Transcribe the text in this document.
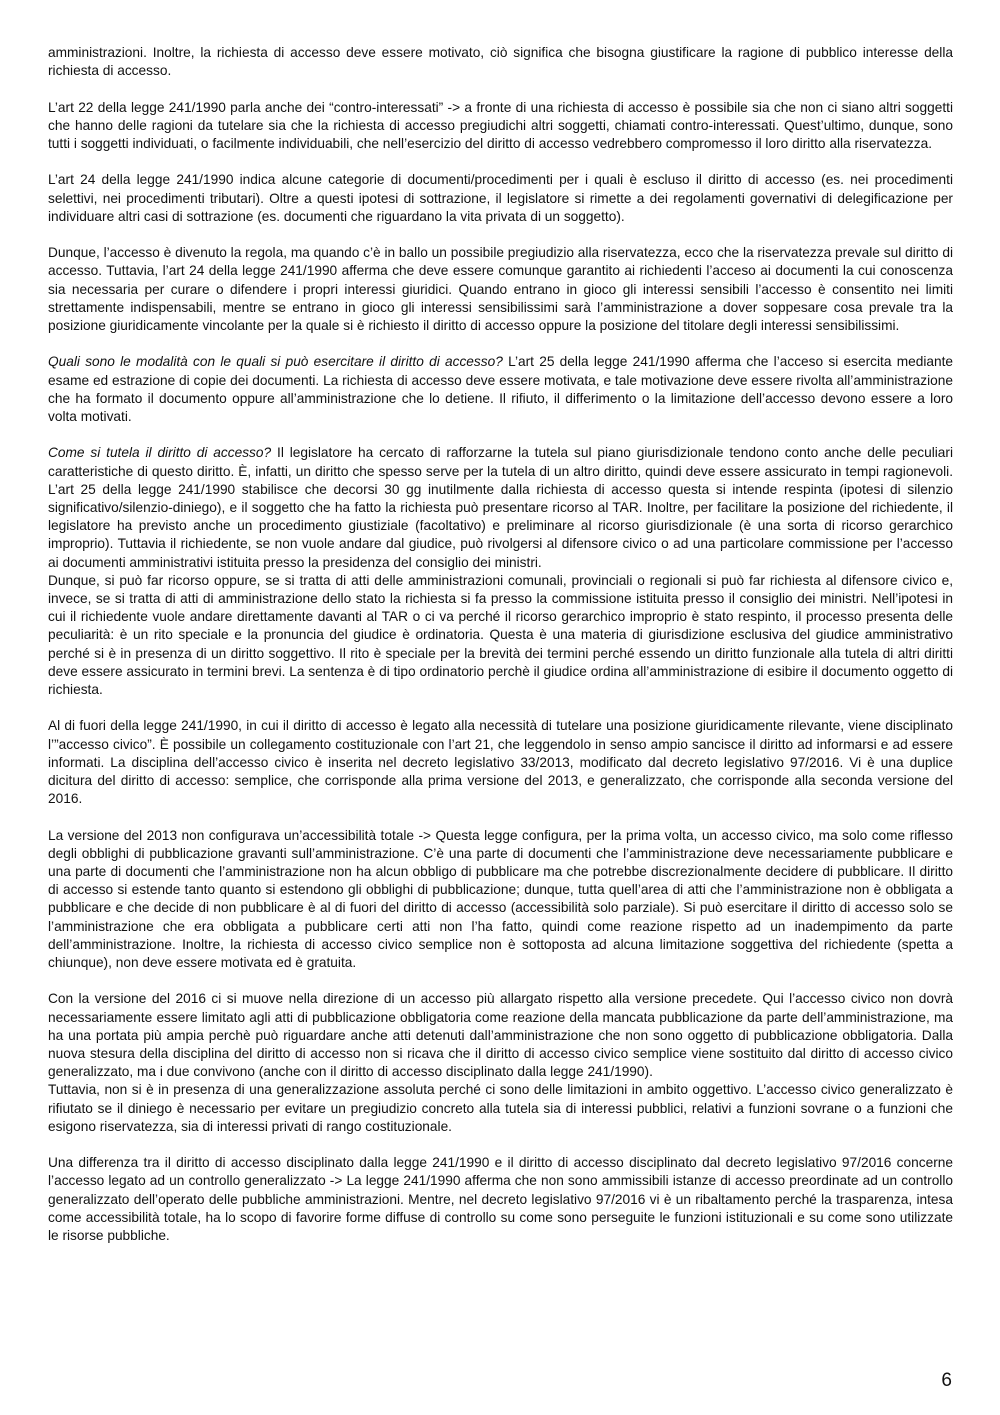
amministrazioni. Inoltre, la richiesta di accesso deve essere motivato, ciò significa che bisogna giustificare la ragione di pubblico interesse della richiesta di accesso.

L’art 22 della legge 241/1990 parla anche dei “contro-interessati” -> a fronte di una richiesta di accesso è possibile sia che non ci siano altri soggetti che hanno delle ragioni da tutelare sia che la richiesta di accesso pregiudichi altri soggetti, chiamati contro-interessati. Quest’ultimo, dunque, sono tutti i soggetti individuati, o facilmente individuabili, che nell’esercizio del diritto di accesso vedrebbero compromesso il loro diritto alla riservatezza.

L’art 24 della legge 241/1990 indica alcune categorie di documenti/procedimenti per i quali è escluso il diritto di accesso (es. nei procedimenti selettivi, nei procedimenti tributari). Oltre a questi ipotesi di sottrazione, il legislatore si rimette a dei regolamenti governativi di delegificazione per individuare altri casi di sottrazione (es. documenti che riguardano la vita privata di un soggetto).

Dunque, l’accesso è divenuto la regola, ma quando c’è in ballo un possibile pregiudizio alla riservatezza, ecco che la riservatezza prevale sul diritto di accesso. Tuttavia, l’art 24 della legge 241/1990 afferma che deve essere comunque garantito ai richiedenti l’acceso ai documenti la cui conoscenza sia necessaria per curare o difendere i propri interessi giuridici. Quando entrano in gioco gli interessi sensibili l’accesso è consentito nei limiti strettamente indispensabili, mentre se entrano in gioco gli interessi sensibilissimi sarà l’amministrazione a dover soppesare cosa prevale tra la posizione giuridicamente vincolante per la quale si è richiesto il diritto di accesso oppure la posizione del titolare degli interessi sensibilissimi.

Quali sono le modalità con le quali si può esercitare il diritto di accesso? L’art 25 della legge 241/1990 afferma che l’acceso si esercita mediante esame ed estrazione di copie dei documenti. La richiesta di accesso deve essere motivata, e tale motivazione deve essere rivolta all’amministrazione che ha formato il documento oppure all’amministrazione che lo detiene. Il rifiuto, il differimento o la limitazione dell’accesso devono essere a loro volta motivati.

Come si tutela il diritto di accesso? Il legislatore ha cercato di rafforzarne la tutela sul piano giurisdizionale tendono conto anche delle peculiari caratteristiche di questo diritto. È, infatti, un diritto che spesso serve per la tutela di un altro diritto, quindi deve essere assicurato in tempi ragionevoli. L’art 25 della legge 241/1990 stabilisce che decorsi 30 gg inutilmente dalla richiesta di accesso questa si intende respinta (ipotesi di silenzio significativo/silenzio-diniego), e il soggetto che ha fatto la richiesta può presentare ricorso al TAR. Inoltre, per facilitare la posizione del richiedente, il legislatore ha previsto anche un procedimento giustiziale (facoltativo) e preliminare al ricorso giurisdizionale (è una sorta di ricorso gerarchico improprio). Tuttavia il richiedente, se non vuole andare dal giudice, può rivolgersi al difensore civico o ad una particolare commissione per l’accesso ai documenti amministrativi istituita presso la presidenza del consiglio dei ministri.

Dunque, si può far ricorso oppure, se si tratta di atti delle amministrazioni comunali, provinciali o regionali si può far richiesta al difensore civico e, invece, se si tratta di atti di amministrazione dello stato la richiesta si fa presso la commissione istituita presso il consiglio dei ministri. Nell’ipotesi in cui il richiedente vuole andare direttamente davanti al TAR o ci va perché il ricorso gerarchico improprio è stato respinto, il processo presenta delle peculiarità: è un rito speciale e la pronuncia del giudice è ordinatoria. Questa è una materia di giurisdizione esclusiva del giudice amministrativo perché si è in presenza di un diritto soggettivo. Il rito è speciale per la brevità dei termini perché essendo un diritto funzionale alla tutela di altri diritti deve essere assicurato in termini brevi. La sentenza è di tipo ordinatorio perchè il giudice ordina all’amministrazione di esibire il documento oggetto di richiesta.

Al di fuori della legge 241/1990, in cui il diritto di accesso è legato alla necessità di tutelare una posizione giuridicamente rilevante, viene disciplinato l’”accesso civico”. È possibile un collegamento costituzionale con l’art 21, che leggendolo in senso ampio sancisce il diritto ad informarsi e ad essere informati. La disciplina dell’accesso civico è inserita nel decreto legislativo 33/2013, modificato dal decreto legislativo 97/2016. Vi è una duplice dicitura del diritto di accesso: semplice, che corrisponde alla prima versione del 2013, e generalizzato, che corrisponde alla seconda versione del 2016.

La versione del 2013 non configurava un’accessibilità totale -> Questa legge configura, per la prima volta, un accesso civico, ma solo come riflesso degli obblighi di pubblicazione gravanti sull’amministrazione. C’è una parte di documenti che l’amministrazione deve necessariamente pubblicare e una parte di documenti che l’amministrazione non ha alcun obbligo di pubblicare ma che potrebbe discrezionalmente decidere di pubblicare. Il diritto di accesso si estende tanto quanto si estendono gli obblighi di pubblicazione; dunque, tutta quell’area di atti che l’amministrazione non è obbligata a pubblicare e che decide di non pubblicare è al di fuori del diritto di accesso (accessibilità solo parziale). Si può esercitare il diritto di accesso solo se l’amministrazione che era obbligata a pubblicare certi atti non l’ha fatto, quindi come reazione rispetto ad un inadempimento da parte dell’amministrazione. Inoltre, la richiesta di accesso civico semplice non è sottoposta ad alcuna limitazione soggettiva del richiedente (spetta a chiunque), non deve essere motivata ed è gratuita.

Con la versione del 2016 ci si muove nella direzione di un accesso più allargato rispetto alla versione precedete. Qui l’accesso civico non dovrà necessariamente essere limitato agli atti di pubblicazione obbligatoria come reazione della mancata pubblicazione da parte dell’amministrazione, ma ha una portata più ampia perchè può riguardare anche atti detenuti dall’amministrazione che non sono oggetto di pubblicazione obbligatoria. Dalla nuova stesura della disciplina del diritto di accesso non si ricava che il diritto di accesso civico semplice viene sostituito dal diritto di accesso civico generalizzato, ma i due convivono (anche con il diritto di accesso disciplinato dalla legge 241/1990).

Tuttavia, non si è in presenza di una generalizzazione assoluta perché ci sono delle limitazioni in ambito oggettivo. L’accesso civico generalizzato è rifiutato se il diniego è necessario per evitare un pregiudizio concreto alla tutela sia di interessi pubblici, relativi a funzioni sovrane o a funzioni che esigono riservatezza, sia di interessi privati di rango costituzionale.

Una differenza tra il diritto di accesso disciplinato dalla legge 241/1990 e il diritto di accesso disciplinato dal decreto legislativo 97/2016 concerne l’accesso legato ad un controllo generalizzato -> La legge 241/1990 afferma che non sono ammissibili istanze di accesso preordinate ad un controllo generalizzato dell’operato delle pubbliche amministrazioni. Mentre, nel decreto legislativo 97/2016 vi è un ribaltamento perché la trasparenza, intesa come accessibilità totale, ha lo scopo di favorire forme diffuse di controllo su come sono perseguite le funzioni istituzionali e su come sono utilizzate le risorse pubbliche.

6
